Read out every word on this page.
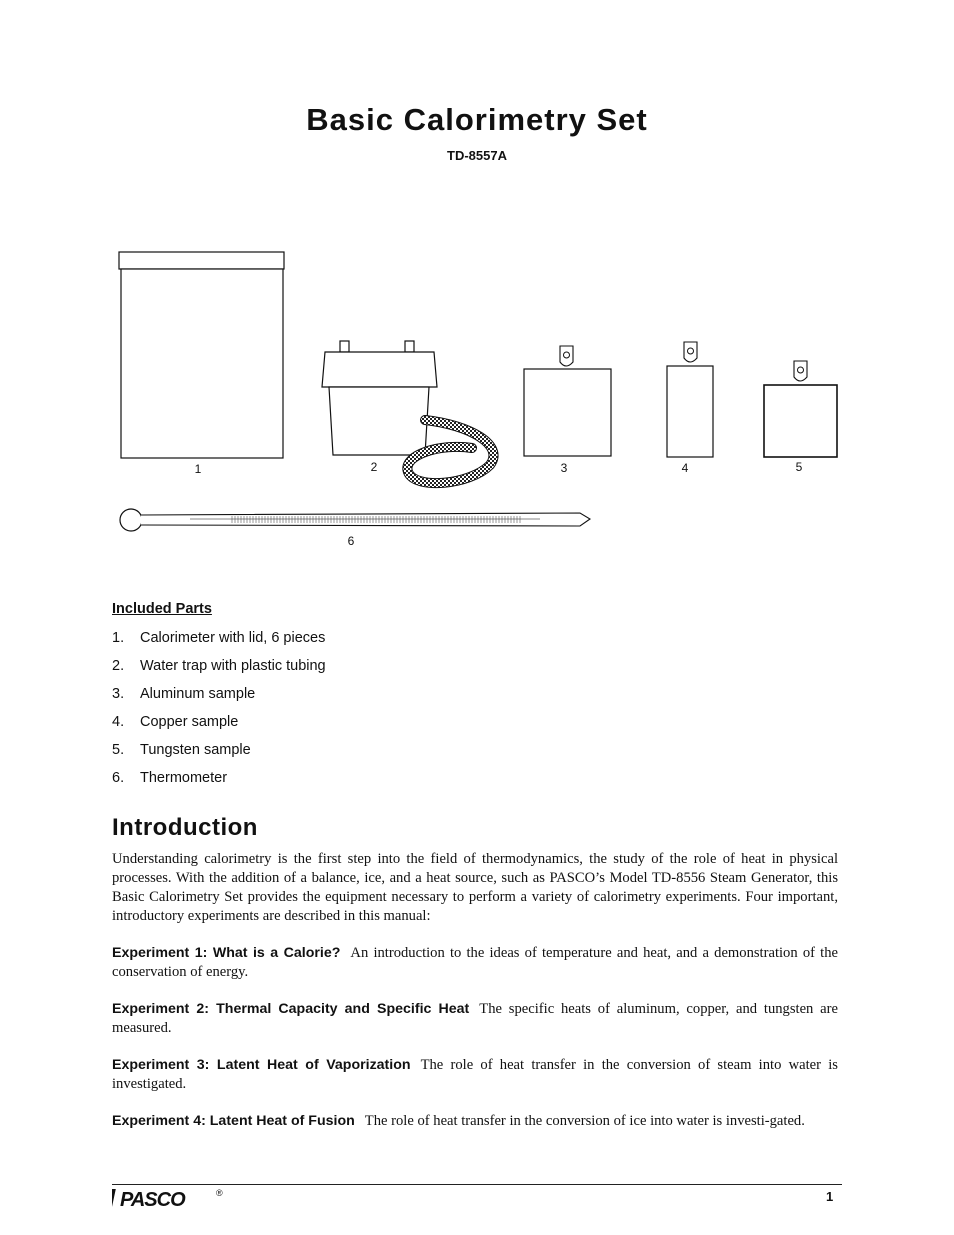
Basic Calorimetry Set
TD-8557A
1	2	3	4	5
6
Included Parts
1. Calorimeter with lid, 6 pieces
2. Water trap with plastic tubing
3. Aluminum sample
4. Copper sample
5. Tungsten sample
6. Thermometer
Introduction
Understanding calorimetry is the first step into the field of thermodynamics, the study of the role of heat in physical processes. With the addition of a balance, ice, and a heat source, such as PASCO’s Model TD-8556 Steam Generator, this Basic Calorimetry Set provides the equipment necessary to perform a variety of calorimetry experiments. Four important, introductory experiments are described in this manual:
Experiment 1: What is a Calorie? An introduction to the ideas of temperature and heat, and a demonstration of the conservation of energy.
Experiment 2: Thermal Capacity and Specific Heat The specific heats of aluminum, copper, and tungsten are measured.
Experiment 3: Latent Heat of Vaporization The role of heat transfer in the conversion of steam into water is investigated.
Experiment 4: Latent Heat of Fusion The role of heat transfer in the conversion of ice into water is investi-gated.
PASCO	®	1
